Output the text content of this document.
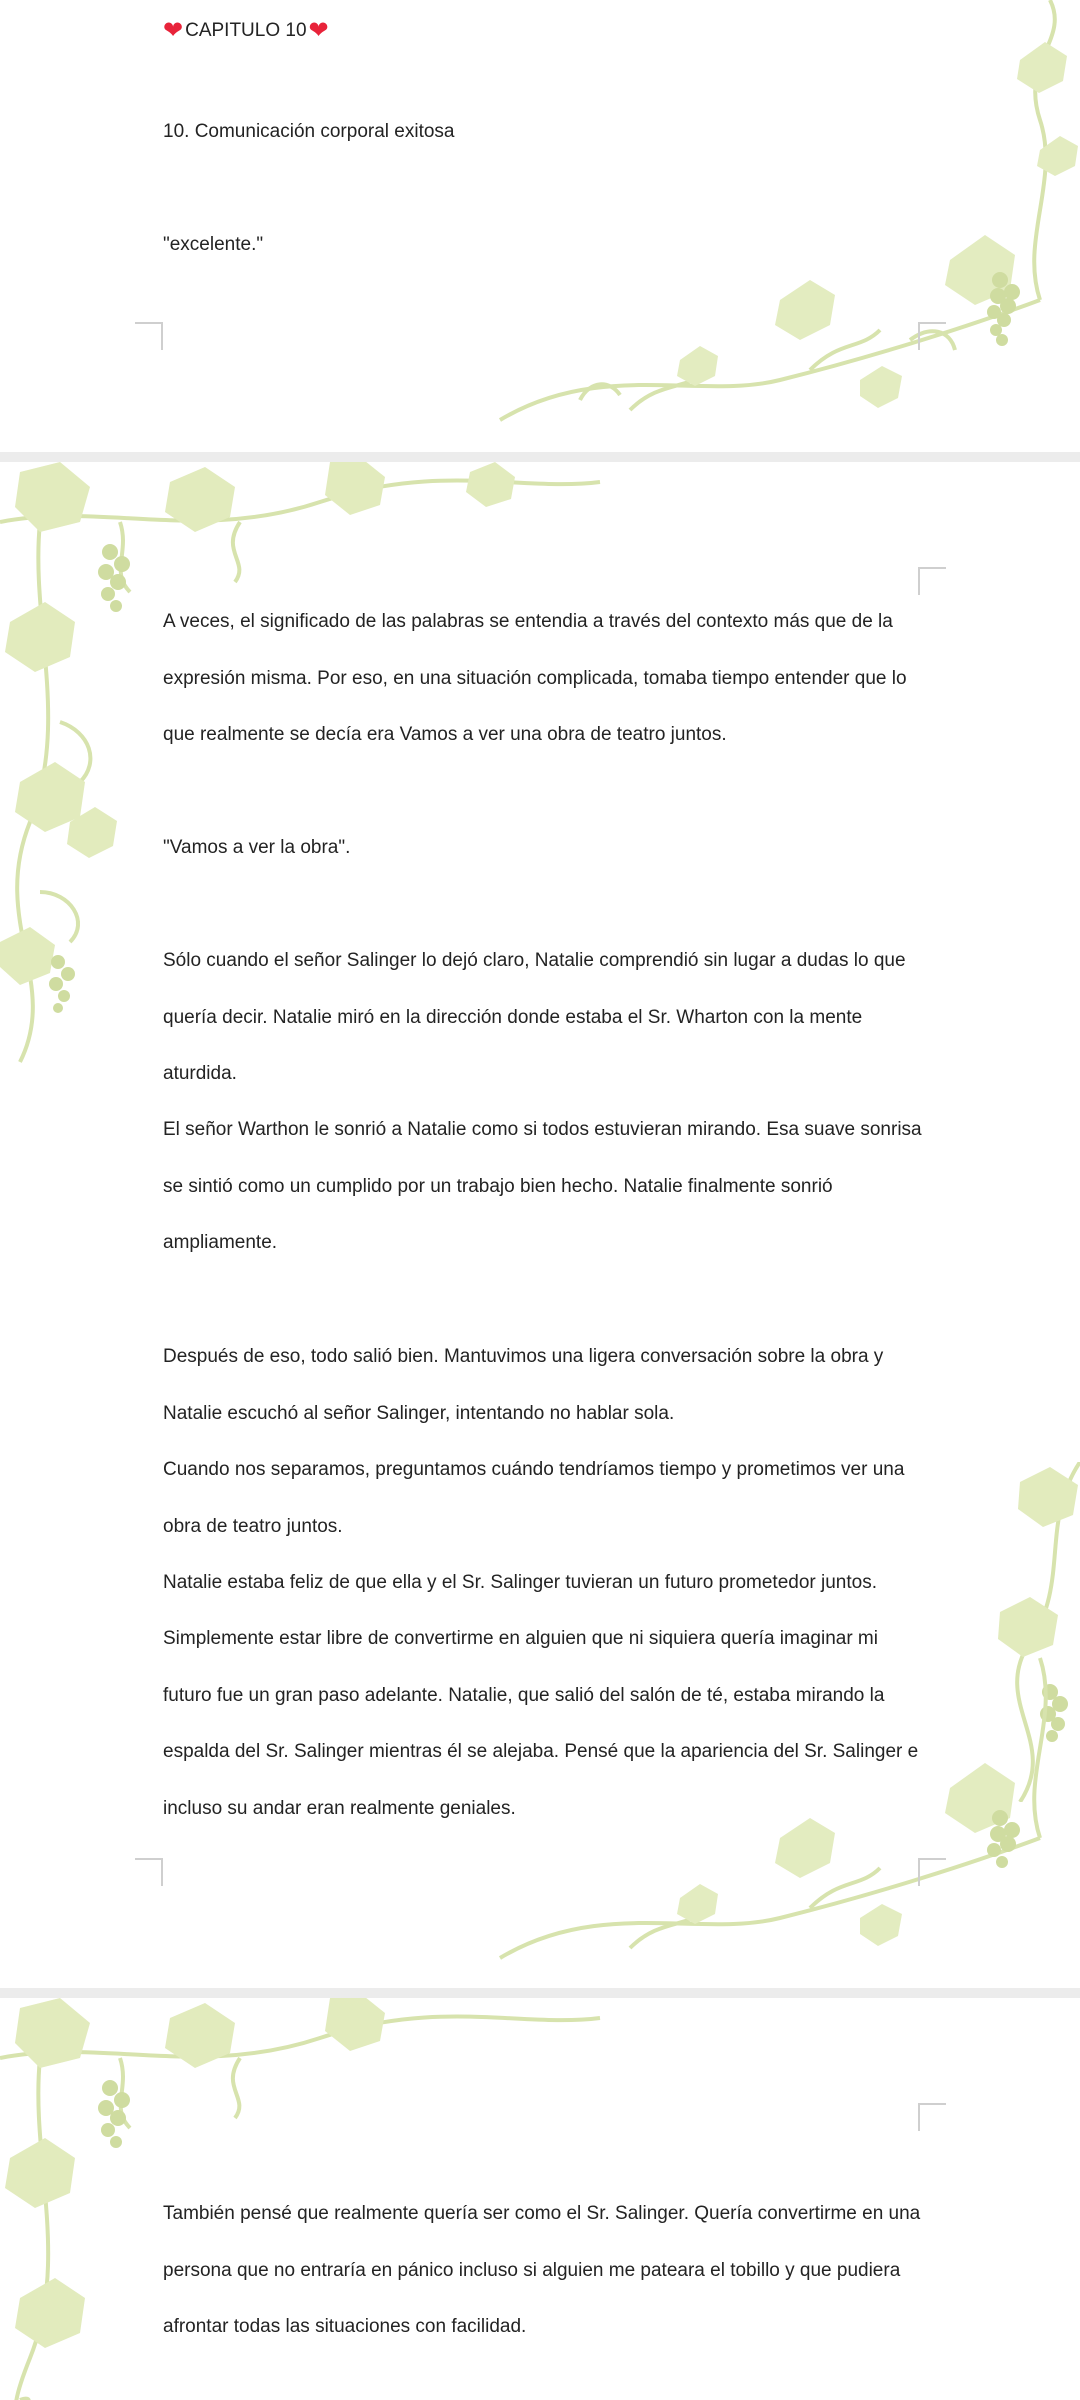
❤ CAPITULO 10 ❤
10. Comunicación corporal exitosa
"excelente."
A veces, el significado de las palabras se entendia a través del contexto más que de la expresión misma. Por eso, en una situación complicada, tomaba tiempo entender que lo que realmente se decía era Vamos a ver una obra de teatro juntos.
"Vamos a ver la obra".
Sólo cuando el señor Salinger lo dejó claro, Natalie comprendió sin lugar a dudas lo que quería decir. Natalie miró en la dirección donde estaba el Sr. Wharton con la mente aturdida.
El señor Warthon le sonrió a Natalie como si todos estuvieran mirando. Esa suave sonrisa se sintió como un cumplido por un trabajo bien hecho. Natalie finalmente sonrió ampliamente.
Después de eso, todo salió bien. Mantuvimos una ligera conversación sobre la obra y Natalie escuchó al señor Salinger, intentando no hablar sola.
Cuando nos separamos, preguntamos cuándo tendríamos tiempo y prometimos ver una obra de teatro juntos.
Natalie estaba feliz de que ella y el Sr. Salinger tuvieran un futuro prometedor juntos.
Simplemente estar libre de convertirme en alguien que ni siquiera quería imaginar mi futuro fue un gran paso adelante. Natalie, que salió del salón de té, estaba mirando la espalda del Sr. Salinger mientras él se alejaba. Pensé que la apariencia del Sr. Salinger e incluso su andar eran realmente geniales.
También pensé que realmente quería ser como el Sr. Salinger. Quería convertirme en una persona que no entraría en pánico incluso si alguien me pateara el tobillo y que pudiera afrontar todas las situaciones con facilidad.
